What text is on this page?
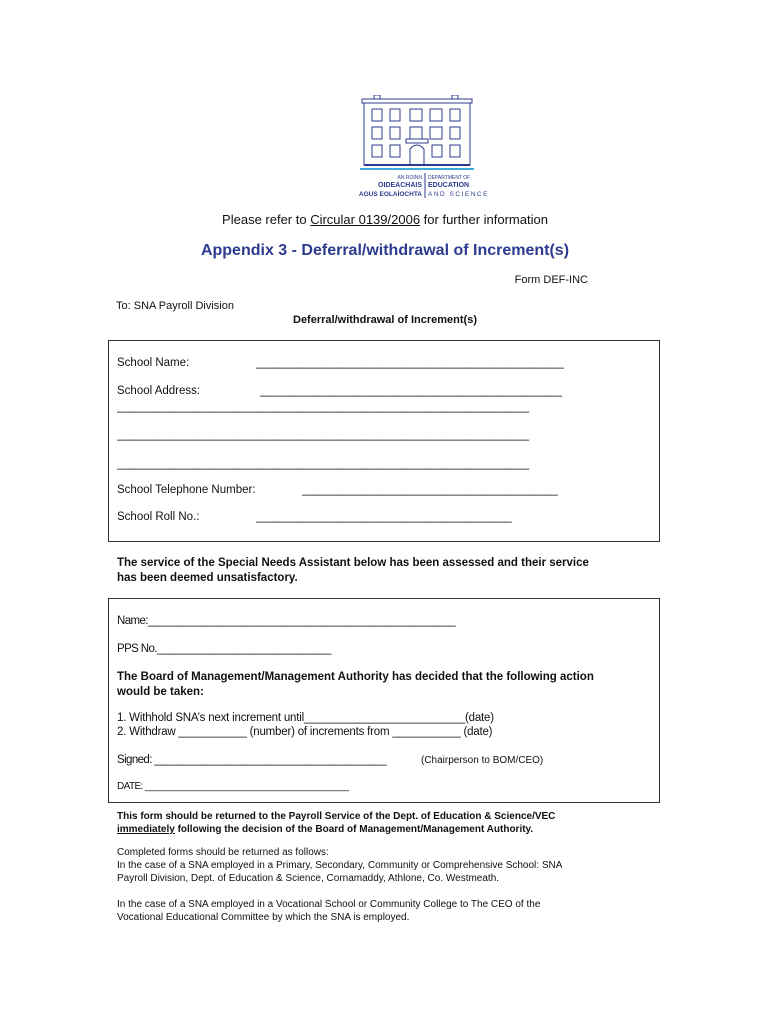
AN ROINN
OIDEACHAIS
AGUS EOLAÍOCHTA
DEPARTMENT OF
EDUCATION
AND SCIENCE
Please refer to Circular 0139/2006 for further information
Appendix 3 - Deferral/withdrawal of Increment(s)
Form DEF-INC
To: SNA Payroll Division
Deferral/withdrawal of Increment(s)
School Name:	_____________________________________________________
School Address:	____________________________________________________
_______________________________________________________________________
_______________________________________________________________________
_______________________________________________________________________
School Telephone Number:	____________________________________________
School Roll No.:	____________________________________________
The service of the Special Needs Assistant below has been assessed and their service
has been deemed unsatisfactory.
Name:_____________________________________________________
PPS No.______________________________
The Board of Management/Management Authority has decided that the following action
would be taken:
1. Withhold SNA’s next increment until__________________________(date)
2. Withdraw ___________ (number) of increments from ___________ (date)
Signed: ________________________________________	(Chairperson to BOM/CEO)
DATE: _________________________________________
This form should be returned to the Payroll Service of the Dept. of Education & Science/VEC
immediately following the decision of the Board of Management/Management Authority.
Completed forms should be returned as follows:
In the case of a SNA employed in a Primary, Secondary, Community or Comprehensive School: SNA
Payroll Division, Dept. of Education & Science, Cornamaddy, Athlone, Co. Westmeath.
In the case of a SNA employed in a Vocational School or Community College to The CEO of the
Vocational Educational Committee by which the SNA is employed.
